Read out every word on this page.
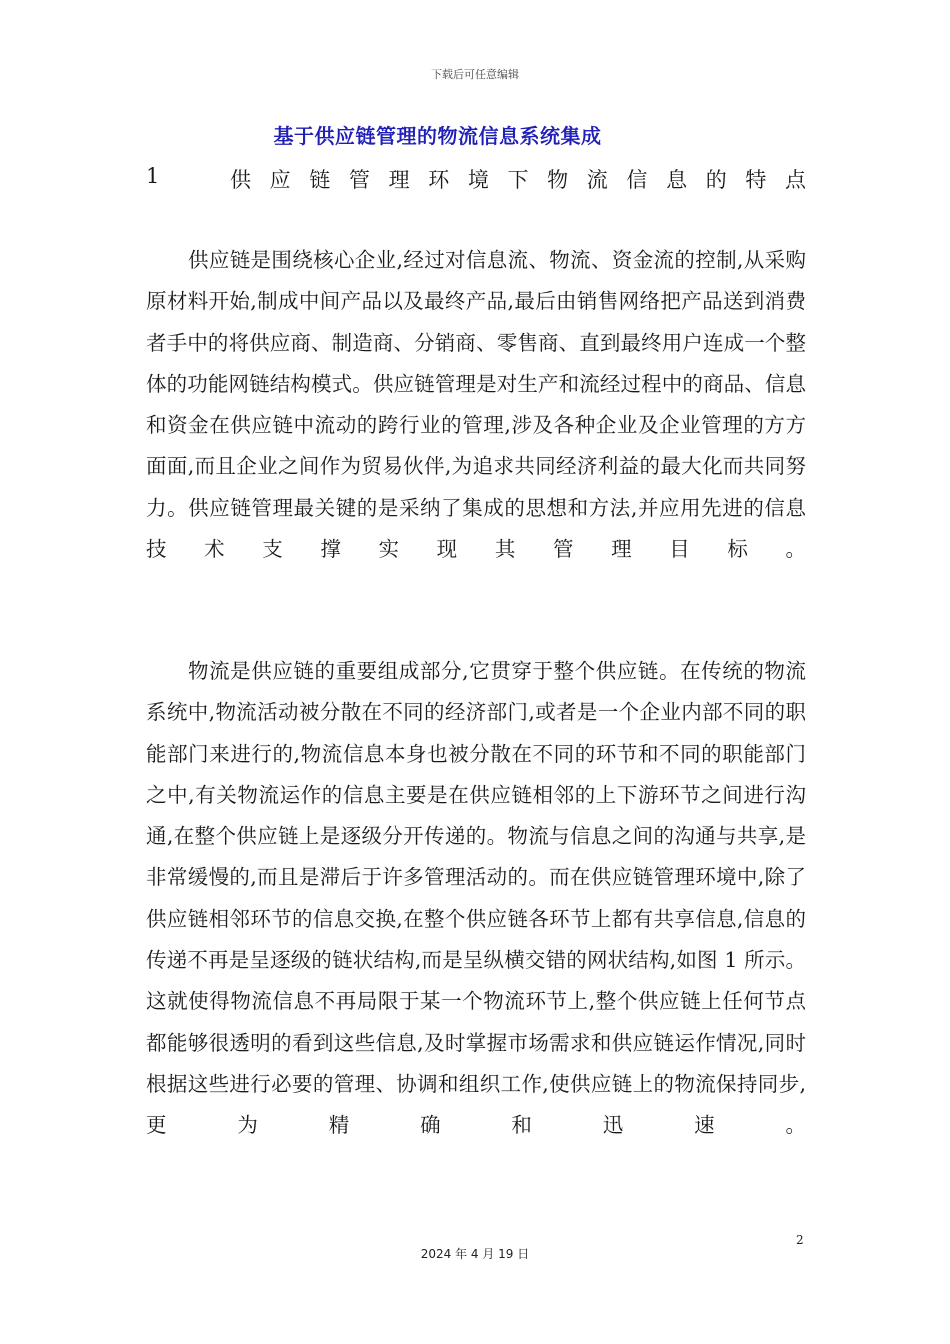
下载后可任意编辑
基于供应链管理的物流信息系统集成
1	供应链管理环境下物流信息的特点

供应链是围绕核心企业,经过对信息流、物流、资金流的控制,从采购原材料开始,制成中间产品以及最终产品,最后由销售网络把产品送到消费者手中的将供应商、制造商、分销商、零售商、直到最终用户连成一个整体的功能网链结构模式。供应链管理是对生产和流经过程中的商品、信息和资金在供应链中流动的跨行业的管理,涉及各种企业及企业管理的方方面面,而且企业之间作为贸易伙伴,为追求共同经济利益的最大化而共同努力。供应链管理最关键的是采纳了集成的思想和方法,并应用先进的信息技术支撑实现其管理目标。

物流是供应链的重要组成部分,它贯穿于整个供应链。在传统的物流系统中,物流活动被分散在不同的经济部门,或者是一个企业内部不同的职能部门来进行的,物流信息本身也被分散在不同的环节和不同的职能部门之中,有关物流运作的信息主要是在供应链相邻的上下游环节之间进行沟通,在整个供应链上是逐级分开传递的。物流与信息之间的沟通与共享,是非常缓慢的,而且是滞后于许多管理活动的。而在供应链管理环境中,除了供应链相邻环节的信息交换,在整个供应链各环节上都有共享信息,信息的传递不再是呈逐级的链状结构,而是呈纵横交错的网状结构,如图 1 所示。这就使得物流信息不再局限于某一个物流环节上,整个供应链上任何节点都能够很透明的看到这些信息,及时掌握市场需求和供应链运作情况,同时根据这些进行必要的管理、协调和组织工作,使供应链上的物流保持同步,更为精确和迅速。

2
2024 年 4 月 19 日
